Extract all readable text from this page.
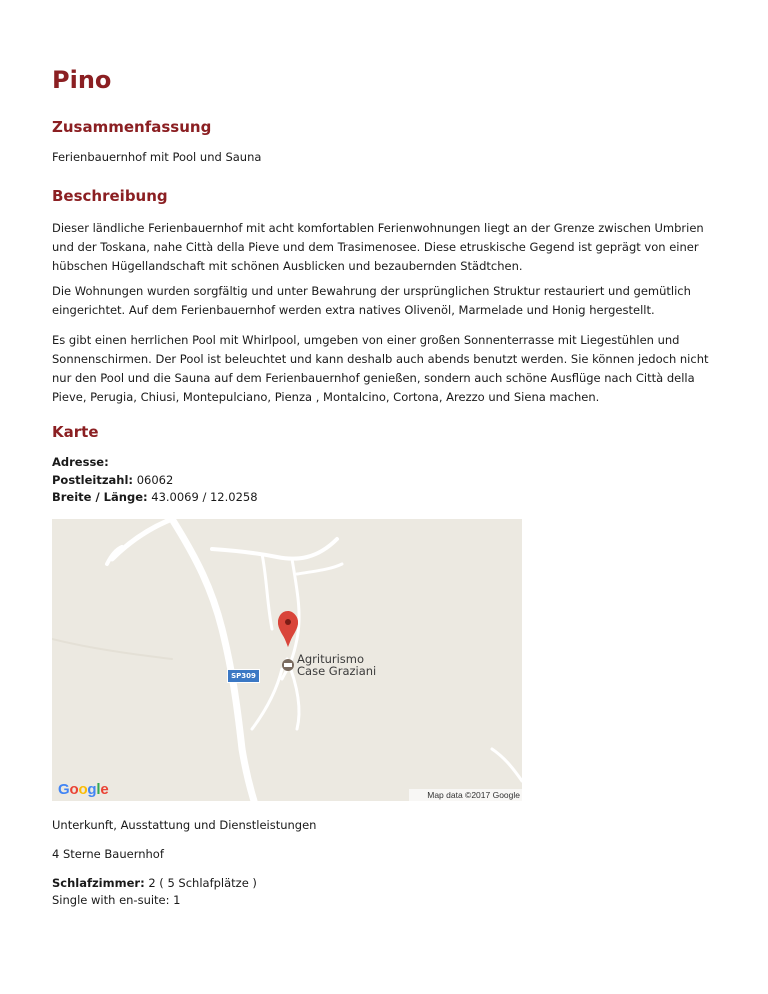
Pino
Zusammenfassung

Ferienbauernhof mit Pool und Sauna

Beschreibung

Dieser ländliche Ferienbauernhof mit acht komfortablen Ferienwohnungen liegt an der Grenze zwischen Umbrien und der Toskana, nahe Città della Pieve und dem Trasimenosee. Diese etruskische Gegend ist geprägt von einer hübschen Hügellandschaft mit schönen Ausblicken und bezaubernden Städtchen.

Die Wohnungen wurden sorgfältig und unter Bewahrung der ursprünglichen Struktur restauriert und gemütlich eingerichtet. Auf dem Ferienbauernhof werden extra natives Olivenöl, Marmelade und Honig hergestellt.

Es gibt einen herrlichen Pool mit Whirlpool, umgeben von einer großen Sonnenterrasse mit Liegestühlen und Sonnenschirmen. Der Pool ist beleuchtet und kann deshalb auch abends benutzt werden. Sie können jedoch nicht nur den Pool und die Sauna auf dem Ferienbauernhof genießen, sondern auch schöne Ausflüge nach Città della Pieve, Perugia, Chiusi, Montepulciano, Pienza , Montalcino, Cortona, Arezzo und Siena machen.

Karte
Adresse:
Postleitzahl: 06062
Breite / Länge: 43.0069 / 12.0258
Agriturismo
Case Graziani
SP309
Google	Map data ©2017 Google

Unterkunft, Ausstattung und Dienstleistungen

4 Sterne Bauernhof

Schlafzimmer: 2 ( 5 Schlafplätze )
Single with en-suite: 1
